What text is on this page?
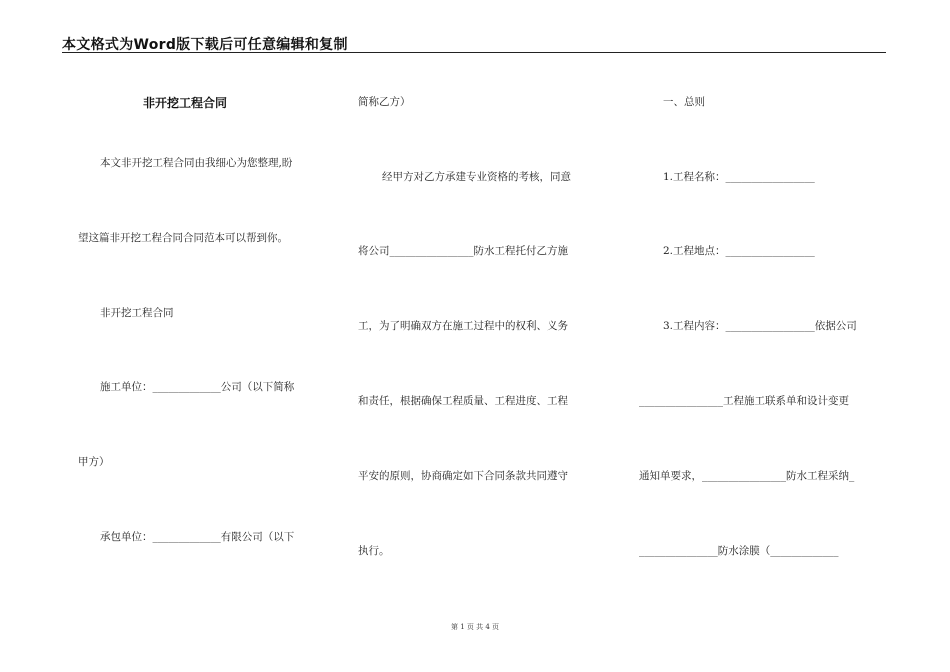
本文格式为Word版下载后可任意编辑和复制
非开挖工程合同
本文非开挖工程合同由我细心为您整理,盼
望这篇非开挖工程合同合同范本可以帮到你。
非开挖工程合同
施工单位：_____________公司（以下简称
甲方）
承包单位：_____________有限公司（以下
简称乙方）
经甲方对乙方承建专业资格的考核，同意
将公司________________防水工程托付乙方施
工，为了明确双方在施工过程中的权利、义务
和责任，根据确保工程质量、工程进度、工程
平安的原则，协商确定如下合同条款共同遵守
执行。
一、总则
1.工程名称：_________________
2.工程地点：_________________
3.工程内容：_________________依据公司
________________工程施工联系单和设计变更
通知单要求，________________防水工程采纳_
_______________防水涂膜（_____________
第 1 页 共 4 页
